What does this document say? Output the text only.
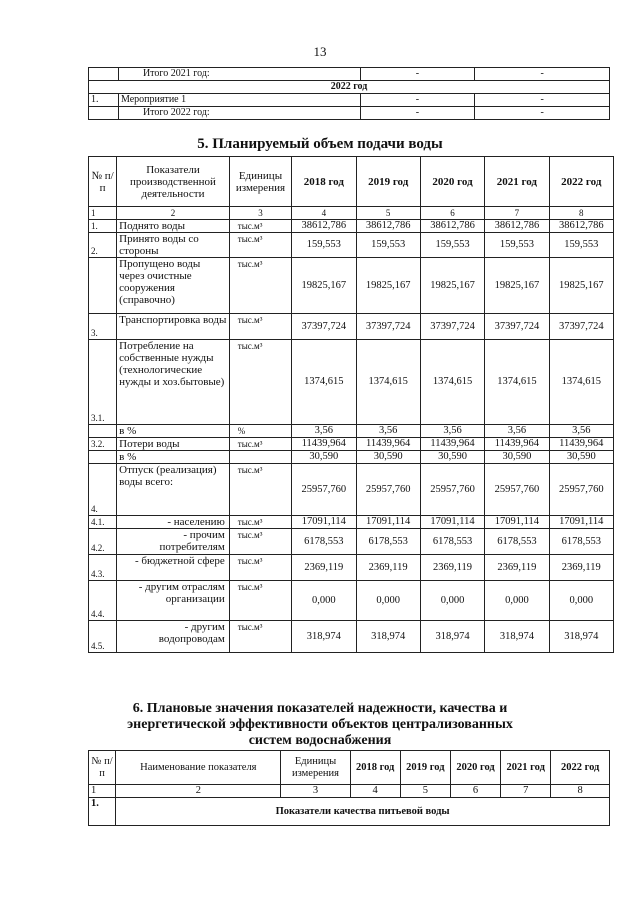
13
	Итого 2021 год:	-	-
2022 год			
1.	Мероприятие 1	-	-
	Итого 2022 год:	-	-
5. Планируемый объем подачи воды
№ п/п	Показатели производственной деятельности	Единицы измерения	2018 год	2019 год	2020 год	2021 год	2022 год
1	2	3	4	5	6	7	8
1.	Поднято воды	тыс.м³	38612,786	38612,786	38612,786	38612,786	38612,786
2.	Принято воды со стороны	тыс.м³	159,553	159,553	159,553	159,553	159,553
	Пропущено воды через очистные сооружения (справочно)	тыс.м³	19825,167	19825,167	19825,167	19825,167	19825,167
3.	Транспортировка воды	тыс.м³	37397,724	37397,724	37397,724	37397,724	37397,724
3.1.	Потребление на собственные нужды (технологические нужды и хоз.бытовые)	тыс.м³	1374,615	1374,615	1374,615	1374,615	1374,615
	в %	%	3,56	3,56	3,56	3,56	3,56
3.2.	Потери воды	тыс.м³	11439,964	11439,964	11439,964	11439,964	11439,964
	в %		30,590	30,590	30,590	30,590	30,590
4.	Отпуск (реализация) воды всего:	тыс.м³	25957,760	25957,760	25957,760	25957,760	25957,760
4.1.	- населению	тыс.м³	17091,114	17091,114	17091,114	17091,114	17091,114
4.2.	- прочим потребителям	тыс.м³	6178,553	6178,553	6178,553	6178,553	6178,553
4.3.	- бюджетной сфере	тыс.м³	2369,119	2369,119	2369,119	2369,119	2369,119
4.4.	- другим отраслям организации	тыс.м³	0,000	0,000	0,000	0,000	0,000
4.5.	- другим водопроводам	тыс.м³	318,974	318,974	318,974	318,974	318,974
6. Плановые значения показателей надежности, качества и
энергетической эффективности объектов централизованных
систем водоснабжения
№ п/п	Наименование показателя	Единицы измерения	2018 год	2019 год	2020 год	2021 год	2022 год
1	2	3	4	5	6	7	8
1.	Показатели качества питьевой воды						
